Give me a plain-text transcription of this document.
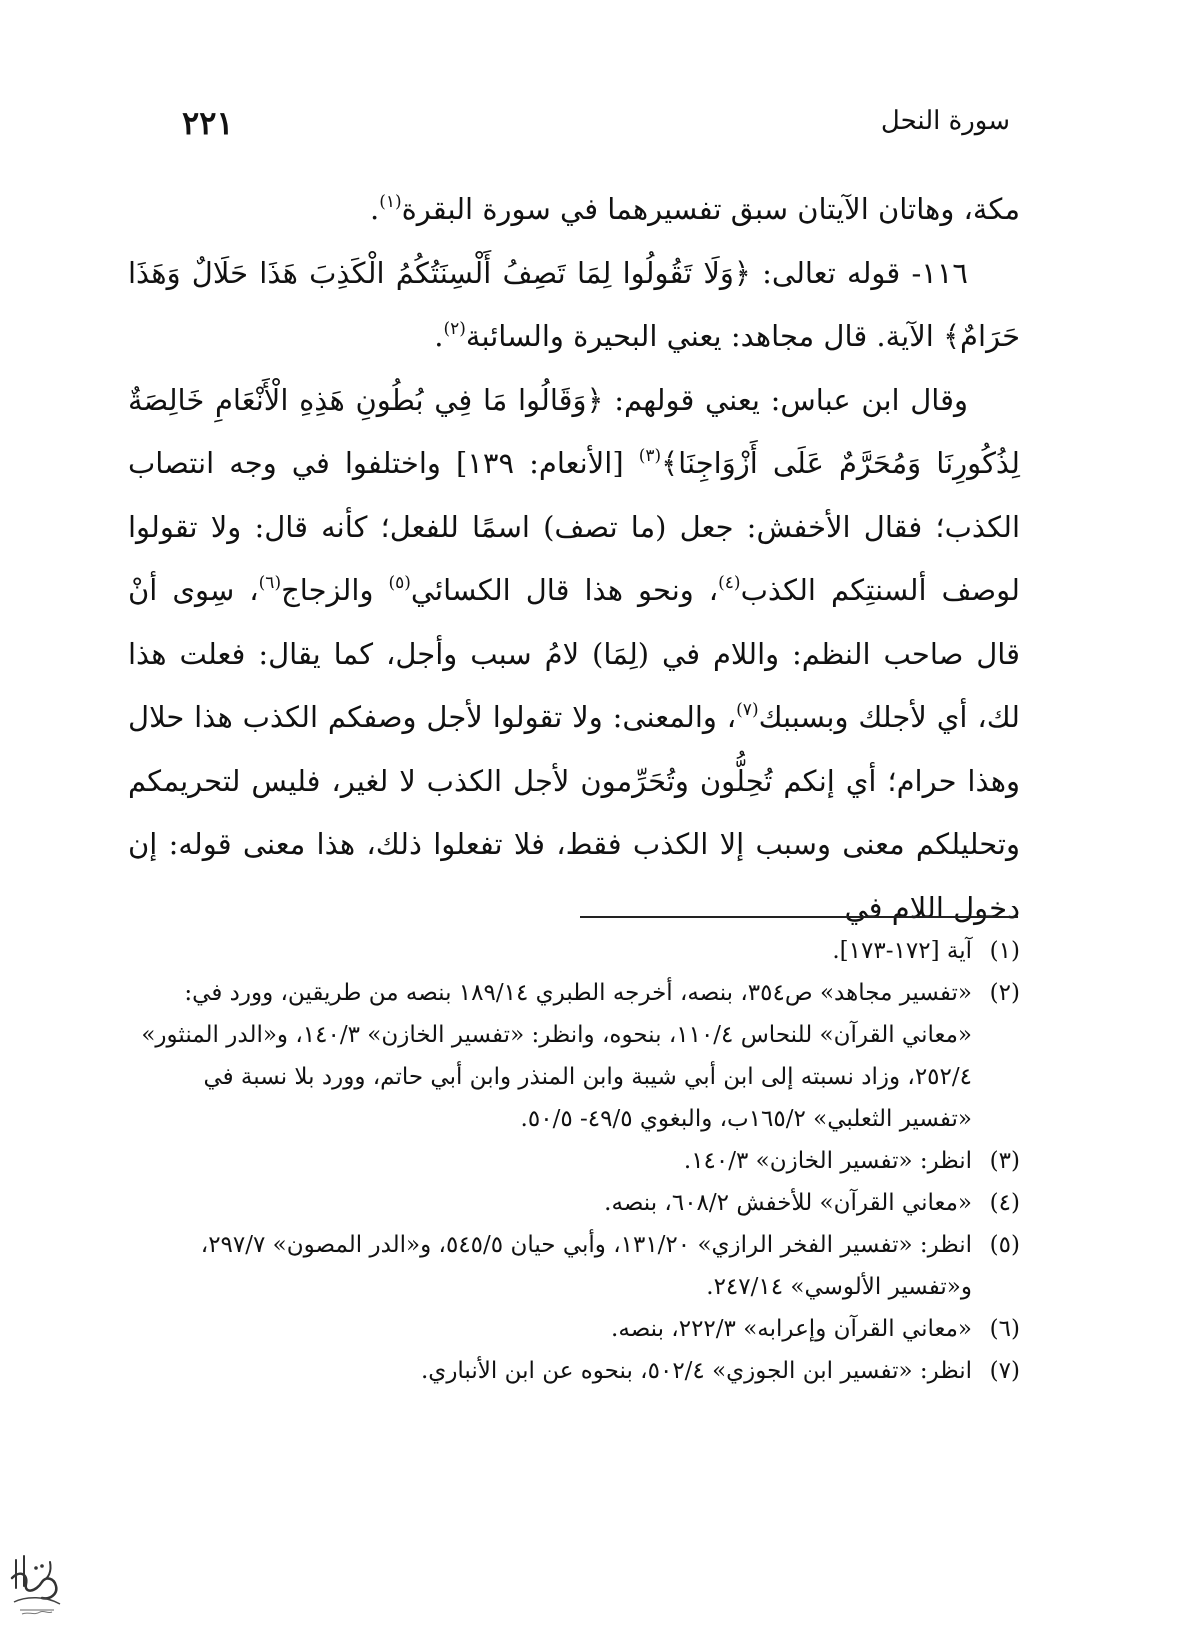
سورة النحل
٢٢١

مكة، وهاتان الآيتان سبق تفسيرهما في سورة البقرة$^{(١)}$.

١١٦- قوله تعالى: ﴿وَلَا تَقُولُوا لِمَا تَصِفُ أَلْسِنَتُكُمُ الْكَذِبَ هَذَا حَلَالٌ وَهَذَا حَرَامٌ﴾ الآية. قال مجاهد: يعني البحيرة والسائبة$^{(٢)}$.

وقال ابن عباس: يعني قولهم: ﴿وَقَالُوا مَا فِي بُطُونِ هَذِهِ الْأَنْعَامِ خَالِصَةٌ لِذُكُورِنَا وَمُحَرَّمٌ عَلَى أَزْوَاجِنَا﴾$^{(٣)}$ [الأنعام: ١٣٩] واختلفوا في وجه انتصاب الكذب؛ فقال الأخفش: جعل (ما تصف) اسمًا للفعل؛ كأنه قال: ولا تقولوا لوصف ألسنتِكم الكذب$^{(٤)}$، ونحو هذا قال الكسائي$^{(٥)}$ والزجاج$^{(٦)}$، سِوى أنْ قال صاحب النظم: واللام في (لِمَا) لامُ سبب وأجل، كما يقال: فعلت هذا لك، أي لأجلك وبسببك$^{(٧)}$، والمعنى: ولا تقولوا لأجل وصفكم الكذب هذا حلال وهذا حرام؛ أي إنكم تُحِلُّون وتُحَرِّمون لأجل الكذب لا لغير، فليس لتحريمكم وتحليلكم معنى وسبب إلا الكذب فقط، فلا تفعلوا ذلك، هذا معنى قوله: إن دخول اللام في

(١)
آية [١٧٢-١٧٣].
(٢)
«تفسير مجاهد» ص٣٥٤، بنصه، أخرجه الطبري ١٨٩/١٤ بنصه من طريقين، وورد في: «معاني القرآن» للنحاس ١١٠/٤، بنحوه، وانظر: «تفسير الخازن» ١٤٠/٣، و«الدر المنثور» ٢٥٢/٤، وزاد نسبته إلى ابن أبي شيبة وابن المنذر وابن أبي حاتم، وورد بلا نسبة في «تفسير الثعلبي» ١٦٥/٢ب، والبغوي ٤٩/٥- ٥٠/٥.
(٣)
انظر: «تفسير الخازن» ١٤٠/٣.
(٤)
«معاني القرآن» للأخفش ٦٠٨/٢، بنصه.
(٥)
انظر: «تفسير الفخر الرازي» ١٣١/٢٠، وأبي حيان ٥٤٥/٥، و«الدر المصون» ٢٩٧/٧، و«تفسير الألوسي» ٢٤٧/١٤.
(٦)
«معاني القرآن وإعرابه» ٢٢٢/٣، بنصه.
(٧)
انظر: «تفسير ابن الجوزي» ٥٠٢/٤، بنحوه عن ابن الأنباري.
